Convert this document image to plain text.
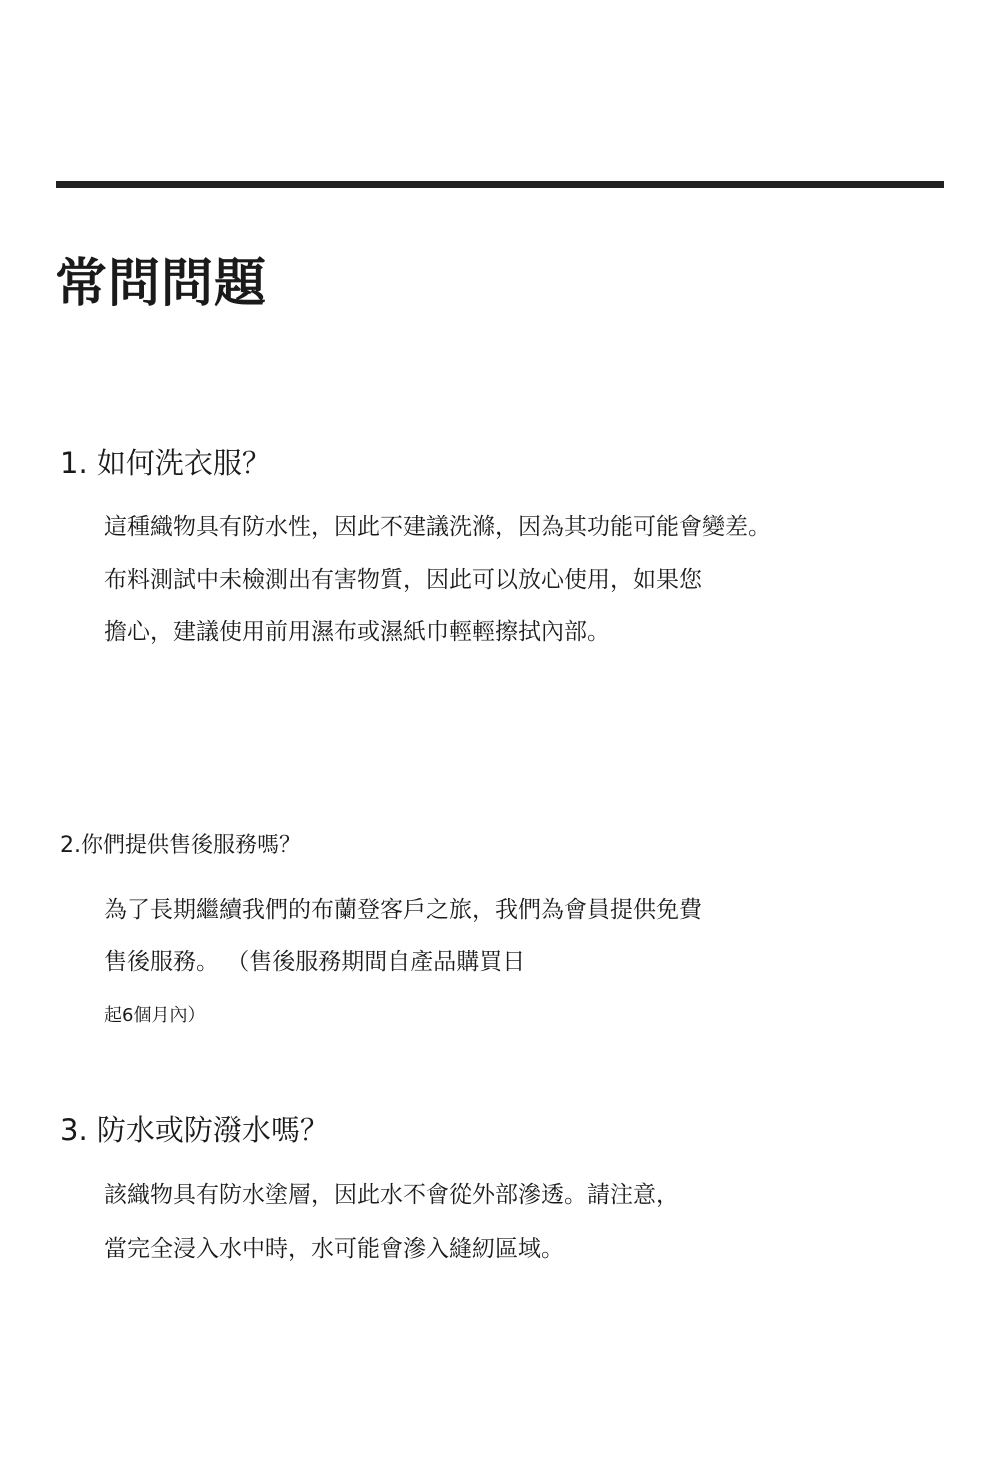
常問問題
1. 如何洗衣服？

這種織物具有防水性，因此不建議洗滌，因為其功能可能會變差。

布料測試中未檢測出有害物質，因此可以放心使用，如果您

擔心，建議使用前用濕布或濕紙巾輕輕擦拭內部。

2.你們提供售後服務嗎？

為了長期繼續我們的布蘭登客戶之旅，我們為會員提供免費

售後服務。 （售後服務期間自產品購買日

起6個月內）

3. 防水或防潑水嗎？

該織物具有防水塗層，因此水不會從外部滲透。請注意，

當完全浸入水中時，水可能會滲入縫紉區域。
